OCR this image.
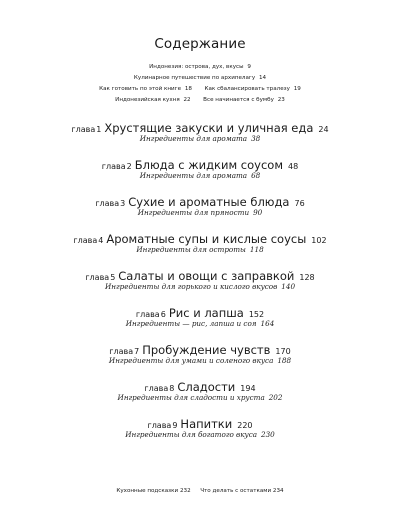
Содержание
Индонезия: острова, дух, вкусы 9
Кулинарное путешествие по архипелагу 14
Как готовить по этой книге 18 Как сбалансировать тралезу 19
Индонезийская кухня 22 Все начинается с бумбу 23
глава1 Хрустящие закуски и уличная еда 24
Ингредиенты для аромата 38
глава2 Блюда с жидким соусом 48
Ингредиенты для аромата 68
глава3 Сухие и ароматные блюда 76
Ингредиенты для пряности 90
глава4 Ароматные супы и кислые соусы 102
Ингредиенты для остроты 118
глава5 Салаты и овощи с заправкой 128
Ингредиенты для горького и кислого вкусов 140
глава6 Рис и лапша 152
Ингредиенты — рис, лапша и соя 164
глава7 Пробуждение чувств 170
Ингредиенты для умами и соленого вкуса 188
глава8 Сладости 194
Ингредиенты для сладости и хруста 202
глава9 Напитки 220
Ингредиенты для богатого вкуса 230
Кухонные подсказки 232 Что делать с остатками 234
